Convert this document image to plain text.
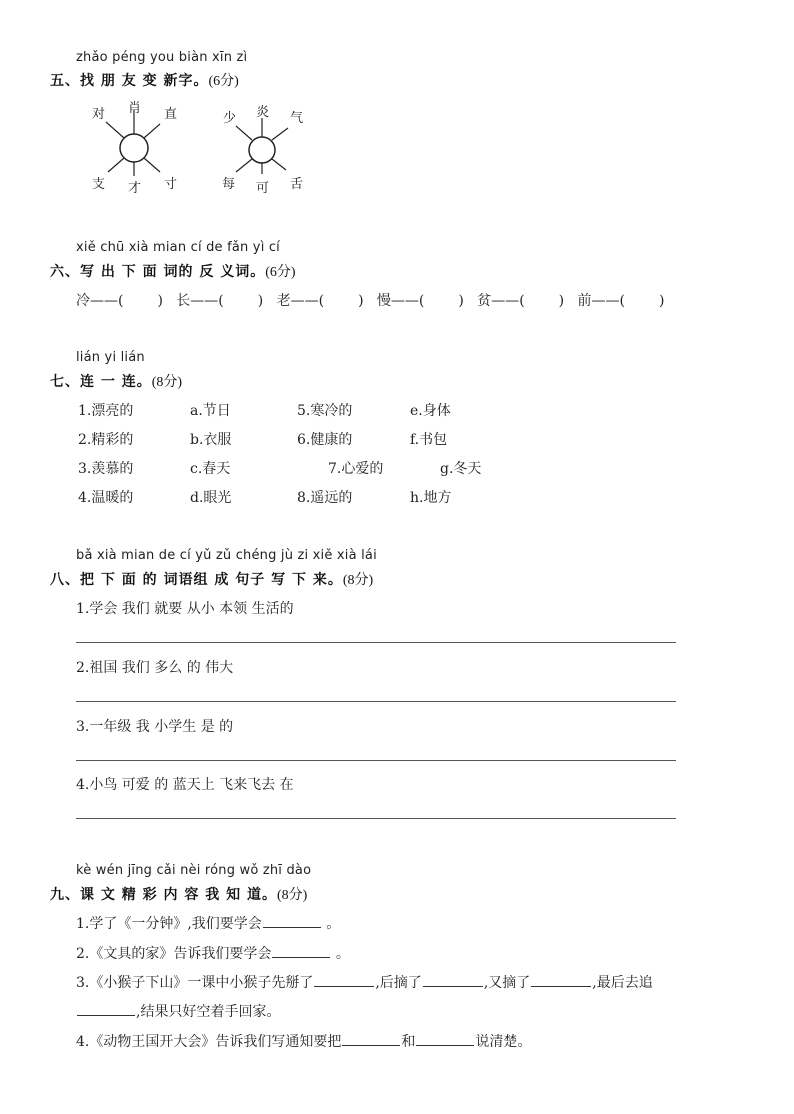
zhǎo péng you biàn xīn zì
五、找 朋 友 变 新字。(6分)
对 肖 直
支 才 寸
少 炎 气
每 可 舌
xiě chū xià mian cí de fǎn yì cí
六、写 出 下 面 词的 反 义词。(6分)
冷——( ) 长——( ) 老——( ) 慢——( ) 贫——( ) 前——( )
lián yi lián
七、连 一 连。(8分)
1.漂亮的	a.节日	5.寒冷的	e.身体
2.精彩的	b.衣服	6.健康的	f.书包
3.羡慕的	c.春天	7.心爱的	g.冬天
4.温暖的	d.眼光	8.遥远的	h.地方
bǎ xià mian de cí yǔ zǔ chéng jù zi xiě xià lái
八、把 下 面 的 词语组 成 句子 写 下 来。(8分)
1.学会 我们 就要 从小 本领 生活的
2.祖国 我们 多么 的 伟大
3.一年级 我 小学生 是 的
4.小鸟 可爱 的 蓝天上 飞来飞去 在
kè wén jīng cǎi nèi róng wǒ zhī dào
九、课 文 精 彩 内 容 我 知 道。(8分)
1.学了《一分钟》,我们要学会	。
2.《文具的家》告诉我们要学会	。
3.《小猴子下山》一课中小猴子先掰了	,后摘了	,又摘了	,最后去追
,结果只好空着手回家。
4.《动物王国开大会》告诉我们写通知要把	和	说清楚。
